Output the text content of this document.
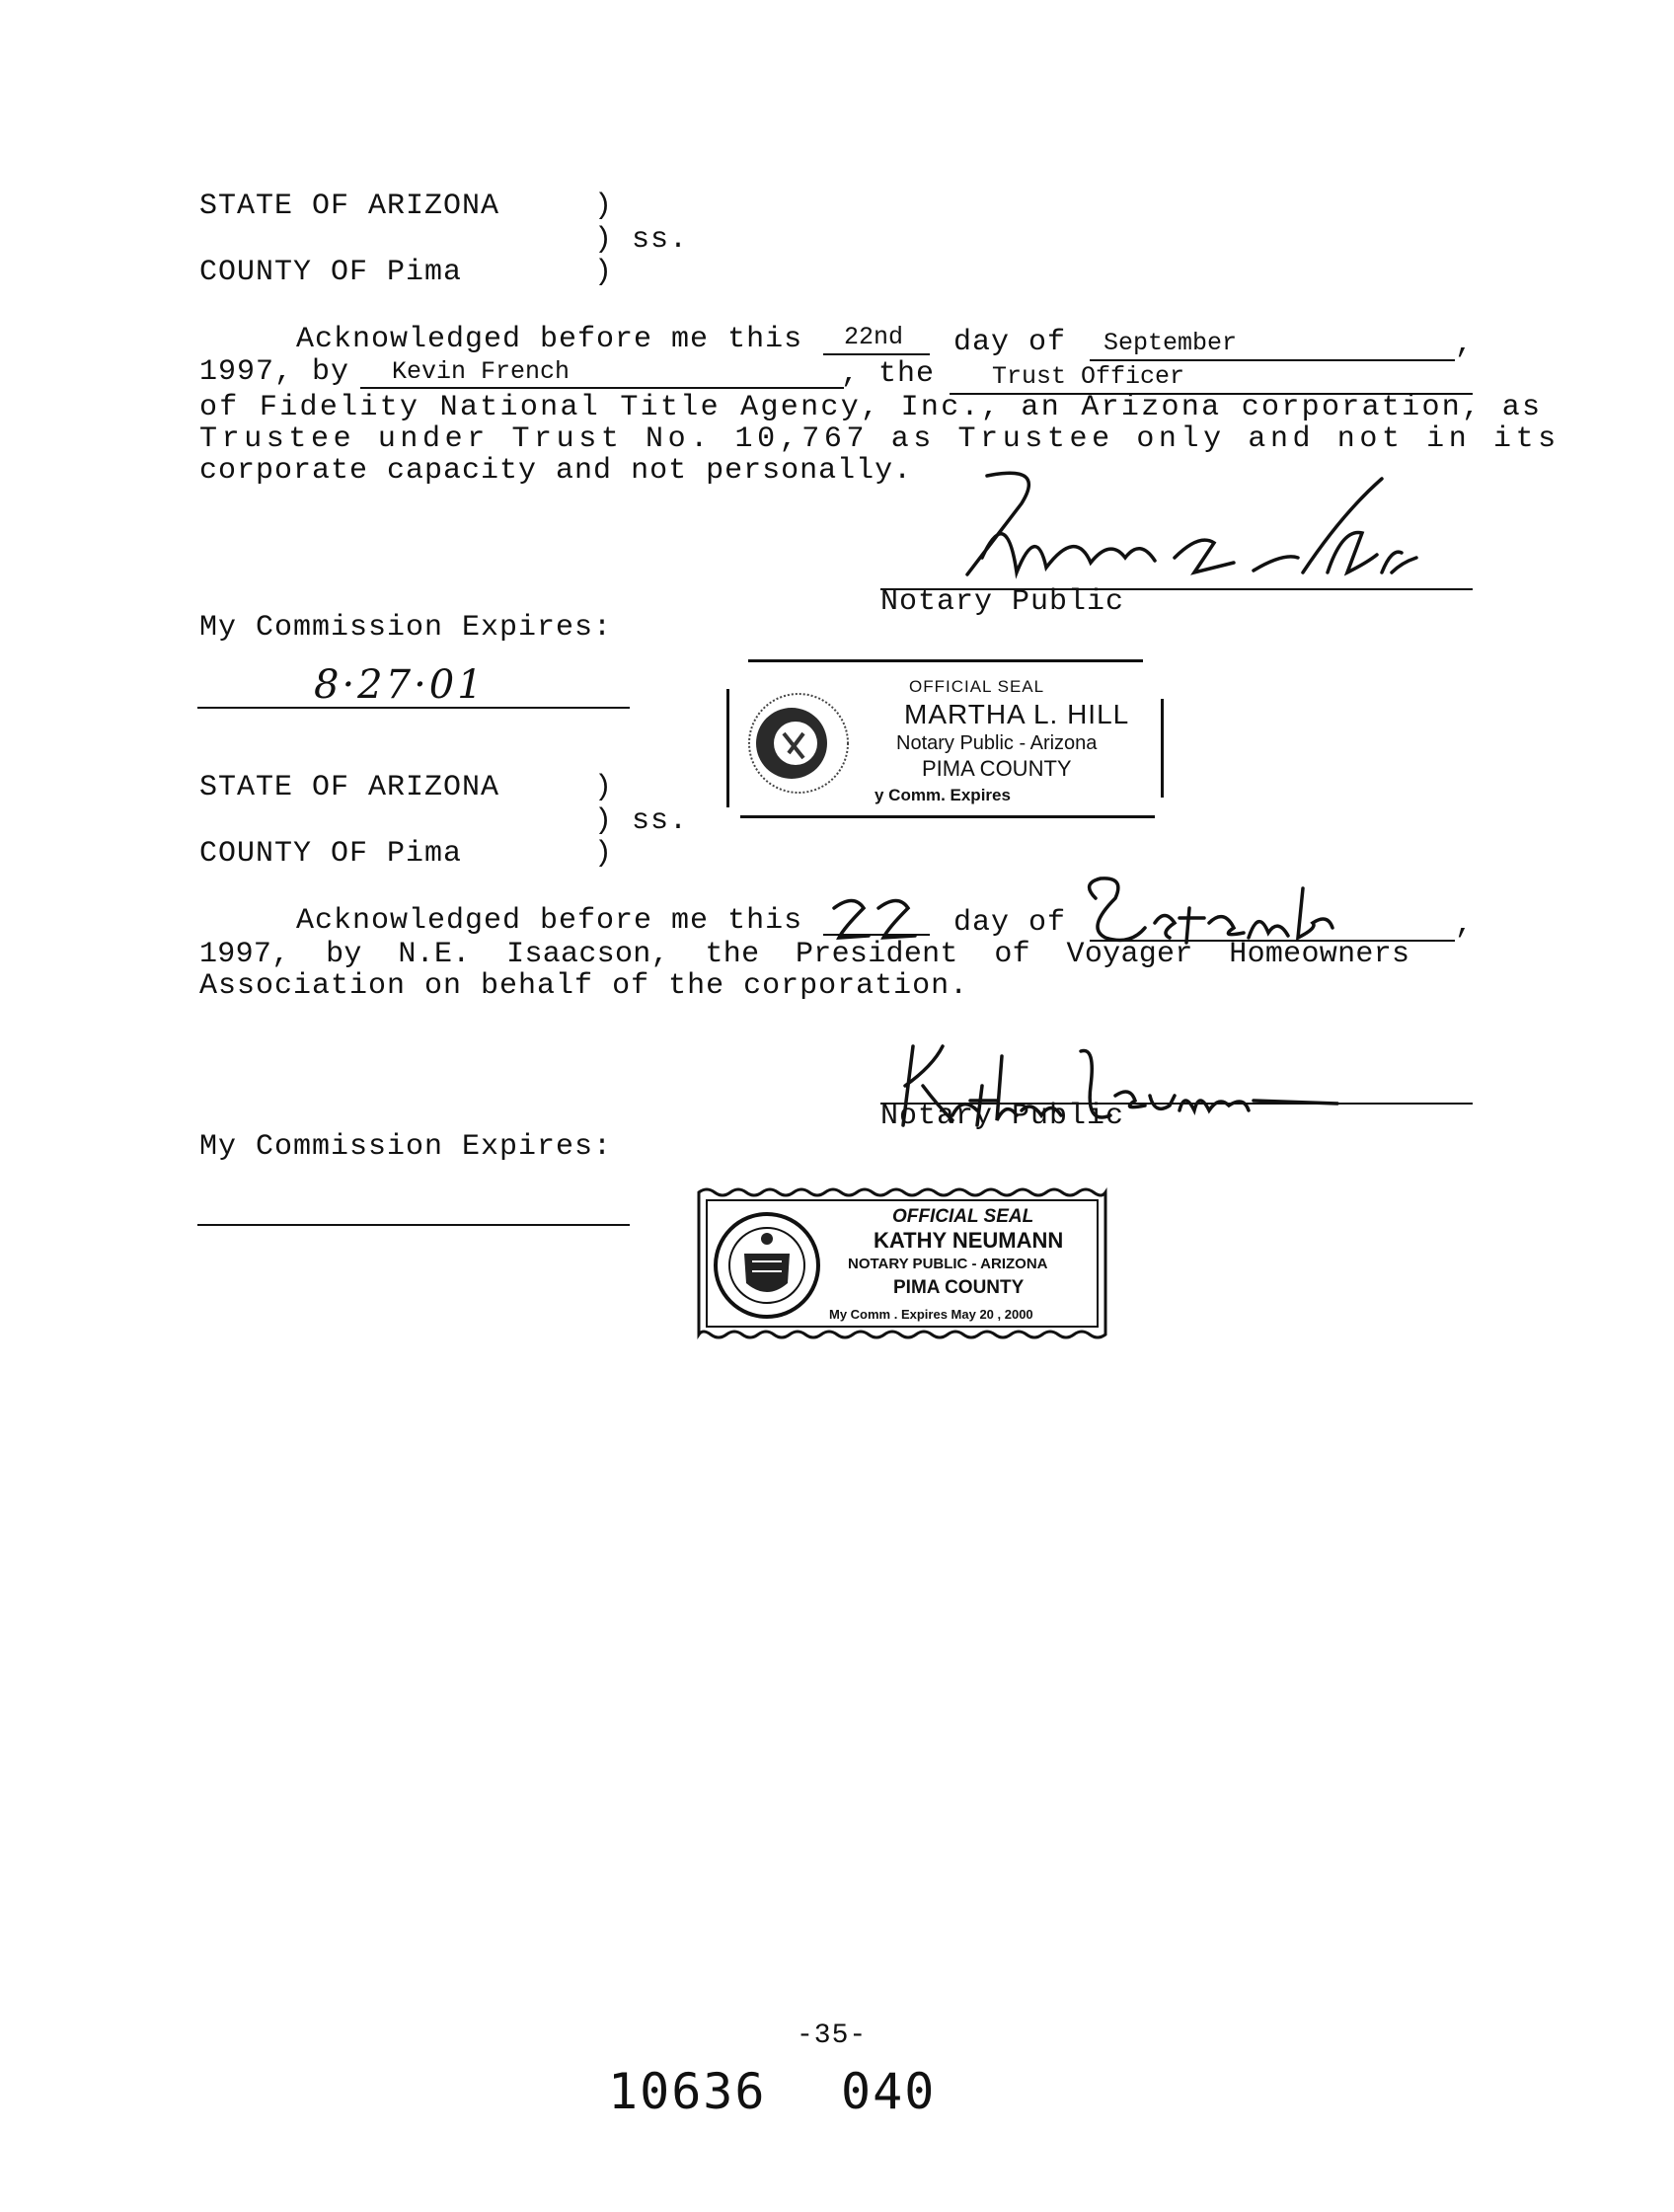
STATE OF ARIZONA	)
) ss.
COUNTY OF Pima	)
Acknowledged before me this 22nd day of September	,
1997, by Kevin French	, the Trust Officer
of Fidelity National Title Agency, Inc., an Arizona corporation, as
Trustee under Trust No. 10,767 as Trustee only and not in its
corporate capacity and not personally.
Notary Public
My Commission Expires:
8·27·01	OFFICIAL SEAL
MARTHA L. HILL
Notary Public - Arizona
PIMA COUNTY
y Comm. Expires
STATE OF ARIZONA	)
) ss.
COUNTY OF Pima	)
Acknowledged before me this	day of	,
1997,  by  N.E.  Isaacson,  the  President  of  Voyager  Homeowners
Association on behalf of the corporation.
Notary Public
My Commission Expires:
OFFICIAL SEAL
KATHY NEUMANN
NOTARY PUBLIC - ARIZONA
PIMA COUNTY
My Comm . Expires May 20 , 2000
-35-
10636 040
